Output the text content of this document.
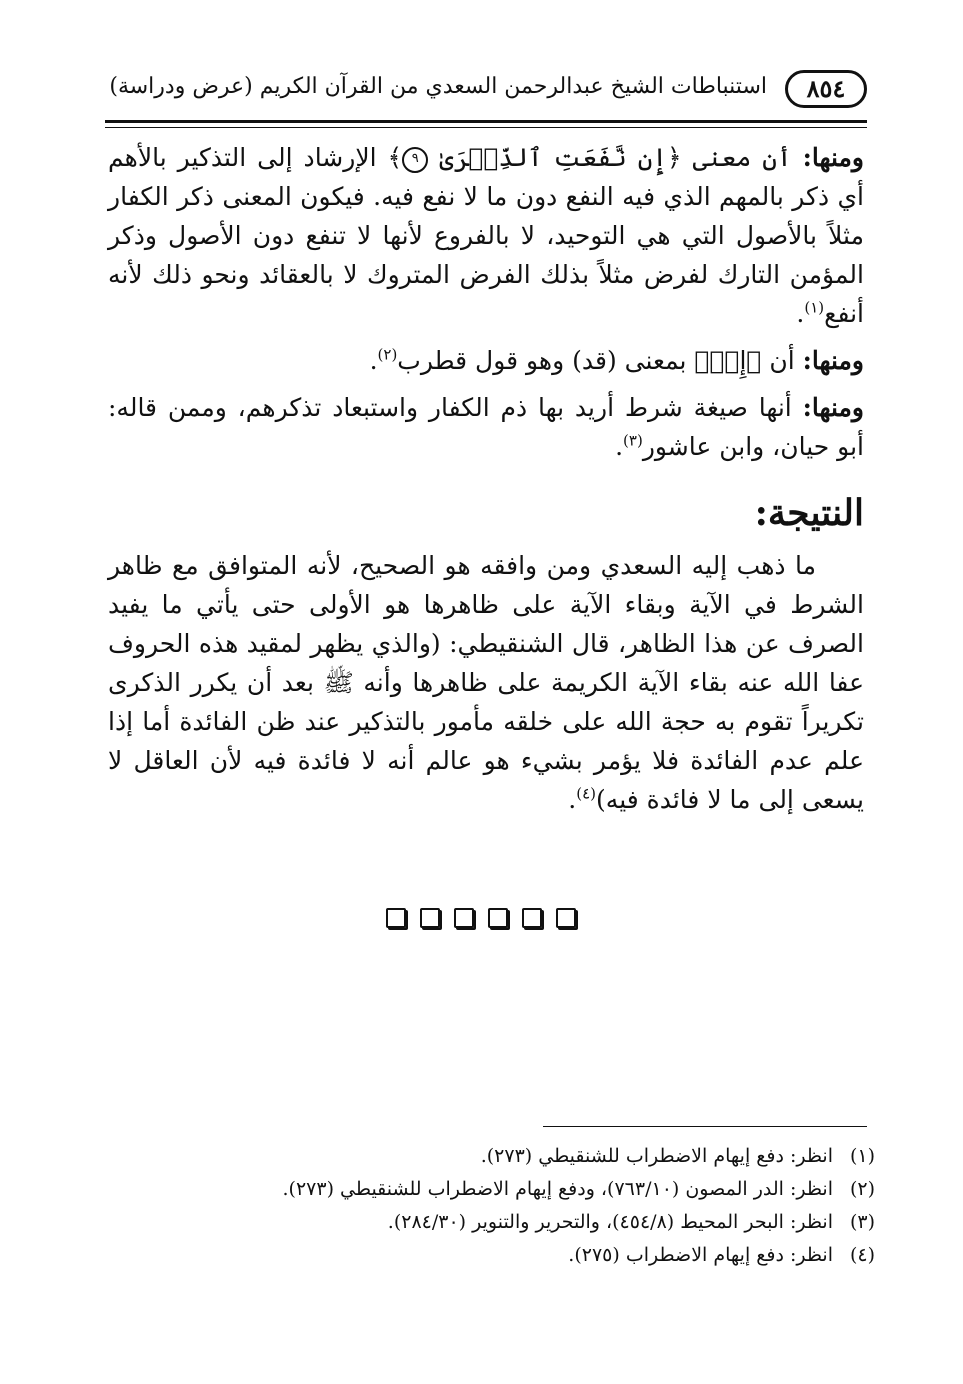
٨٥٤
استنباطات الشيخ عبدالرحمن السعدي من القرآن الكريم (عرض ودراسة)

ومنها: أن معنى ﴿إِن نَّفَعَتِ ٱلذِّكۡرَىٰ ٩﴾ الإرشاد إلى التذكير بالأهم أي ذكر بالمهم الذي فيه النفع دون ما لا نفع فيه. فيكون المعنى ذكر الكفار مثلاً بالأصول التي هي التوحيد، لا بالفروع لأنها لا تنفع دون الأصول وذكر المؤمن التارك لفرض مثلاً بذلك الفرض المتروك لا بالعقائد ونحو ذلك لأنه أنفع$^{(١)}$.

ومنها: أن ﴿إِنۡ﴾ بمعنى (قد) وهو قول قطرب$^{(٢)}$.

ومنها: أنها صيغة شرط أريد بها ذم الكفار واستبعاد تذكرهم، وممن قاله: أبو حيان، وابن عاشور$^{(٣)}$.

النتيجة:

ما ذهب إليه السعدي ومن وافقه هو الصحيح، لأنه المتوافق مع ظاهر الشرط في الآية وبقاء الآية على ظاهرها هو الأولى حتى يأتي ما يفيد الصرف عن هذا الظاهر، قال الشنقيطي: (والذي يظهر لمقيد هذه الحروف عفا الله عنه بقاء الآية الكريمة على ظاهرها وأنه ﷺ بعد أن يكرر الذكرى تكريراً تقوم به حجة الله على خلقه مأمور بالتذكير عند ظن الفائدة أما إذا علم عدم الفائدة فلا يؤمر بشيء هو عالم أنه لا فائدة فيه لأن العاقل لا يسعى إلى ما لا فائدة فيه)$^{(٤)}$.

(١)انظر: دفع إيهام الاضطراب للشنقيطي (٢٧٣).
(٢)انظر: الدر المصون (٧٦٣/١٠)، ودفع إيهام الاضطراب للشنقيطي (٢٧٣).
(٣)انظر: البحر المحيط (٤٥٤/٨)، والتحرير والتنوير (٢٨٤/٣٠).
(٤)انظر: دفع إيهام الاضطراب (٢٧٥).
